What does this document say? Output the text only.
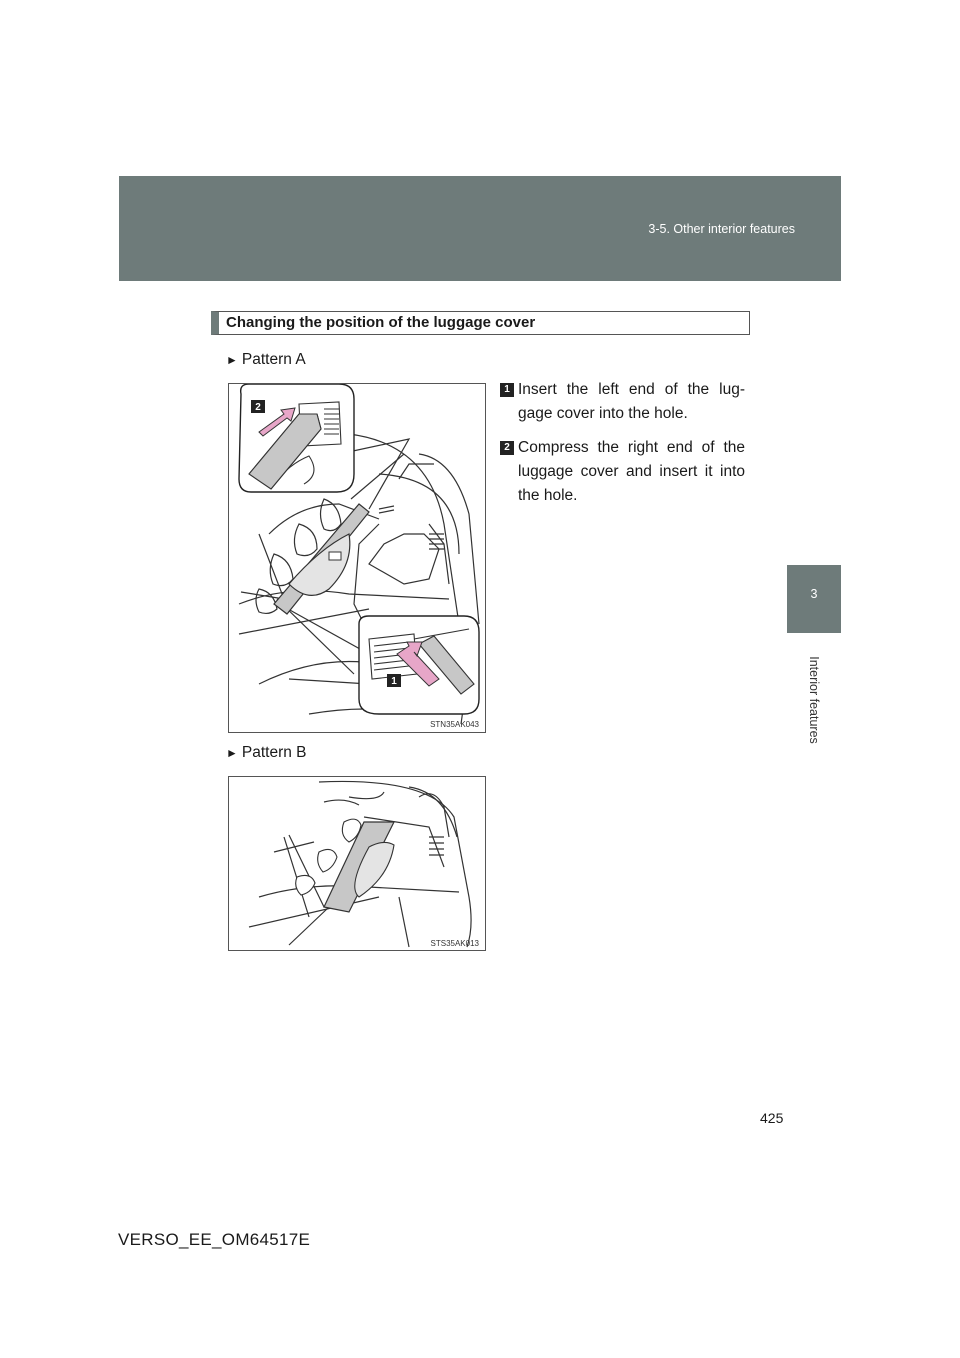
3-5. Other interior features
3
Interior features
Changing the position of the luggage cover
► Pattern A
2
1
STN35AK043
1 Insert the left end of the lug-gage cover into the hole.
2 Compress the right end of the luggage cover and insert it into the hole.
► Pattern B
STS35AK013
425
VERSO_EE_OM64517E
